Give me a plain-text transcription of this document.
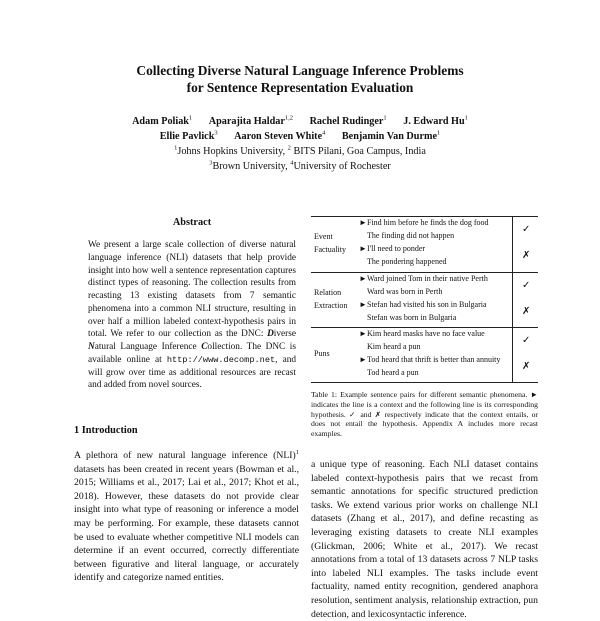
Collecting Diverse Natural Language Inference Problems
for Sentence Representation Evaluation
Adam Poliak$^1$ Aparajita Haldar$^{1,2}$ Rachel Rudinger$^1$ J. Edward Hu$^1$
Ellie Pavlick$^3$ Aaron Steven White$^4$ Benjamin Van Durme$^1$
$^1$Johns Hopkins University, $^2$ BITS Pilani, Goa Campus, India
$^3$Brown University, $^4$University of Rochester
Abstract

We present a large scale collection of diverse natural language inference (NLI) datasets that help provide insight into how well a sentence representation captures distinct types of reasoning. The collection results from recasting 13 existing datasets from 7 semantic phenomena into a common NLI structure, resulting in over half a million labeled context-hypothesis pairs in total. We refer to our collection as the DNC: Diverse Natural Language Inference Collection. The DNC is available online at http://www.decomp.net, and will grow over time as additional resources are recast and added from novel sources.

1 Introduction

A plethora of new natural language inference (NLI)$^1$ datasets has been created in recent years (Bowman et al., 2015; Williams et al., 2017; Lai et al., 2017; Khot et al., 2018). However, these datasets do not provide clear insight into what type of reasoning or inference a model may be performing. For example, these datasets cannot be used to evaluate whether competitive NLI models can determine if an event occurred, correctly differentiate between figurative and literal language, or accurately identify and categorize named entities.

a unique type of reasoning. Each NLI dataset contains labeled context-hypothesis pairs that we recast from semantic annotations for specific structured prediction tasks. We extend various prior works on challenge NLI datasets (Zhang et al., 2017), and define recasting as leveraging existing datasets to create NLI examples (Glickman, 2006; White et al., 2017). We recast annotations from a total of 13 datasets across 7 NLP tasks into labeled NLI examples. The tasks include event factuality, named entity recognition, gendered anaphora resolution, sentiment analysis, relationship extraction, pun detection, and lexicosyntactic inference.

Event
Factuality
►Find him before he finds the dog food
The finding did not happen
►I'll need to ponder
The pondering happened
✓
✗
Relation
Extraction
►Ward joined Tom in their native Perth
Ward was born in Perth
►Stefan had visited his son in Bulgaria
Stefan was born in Bulgaria
✓
✗
Puns
►Kim heard masks have no face value
Kim heard a pun
►Tod heard that thrift is better than annuity
Tod heard a pun
✓
✗
Table 1: Example sentence pairs for different semantic phenomena. ► indicates the line is a context and the following line is its corresponding hypothesis. ✓ and ✗ respectively indicate that the context entails, or does not entail the hypothesis. Appendix A includes more recast examples.
